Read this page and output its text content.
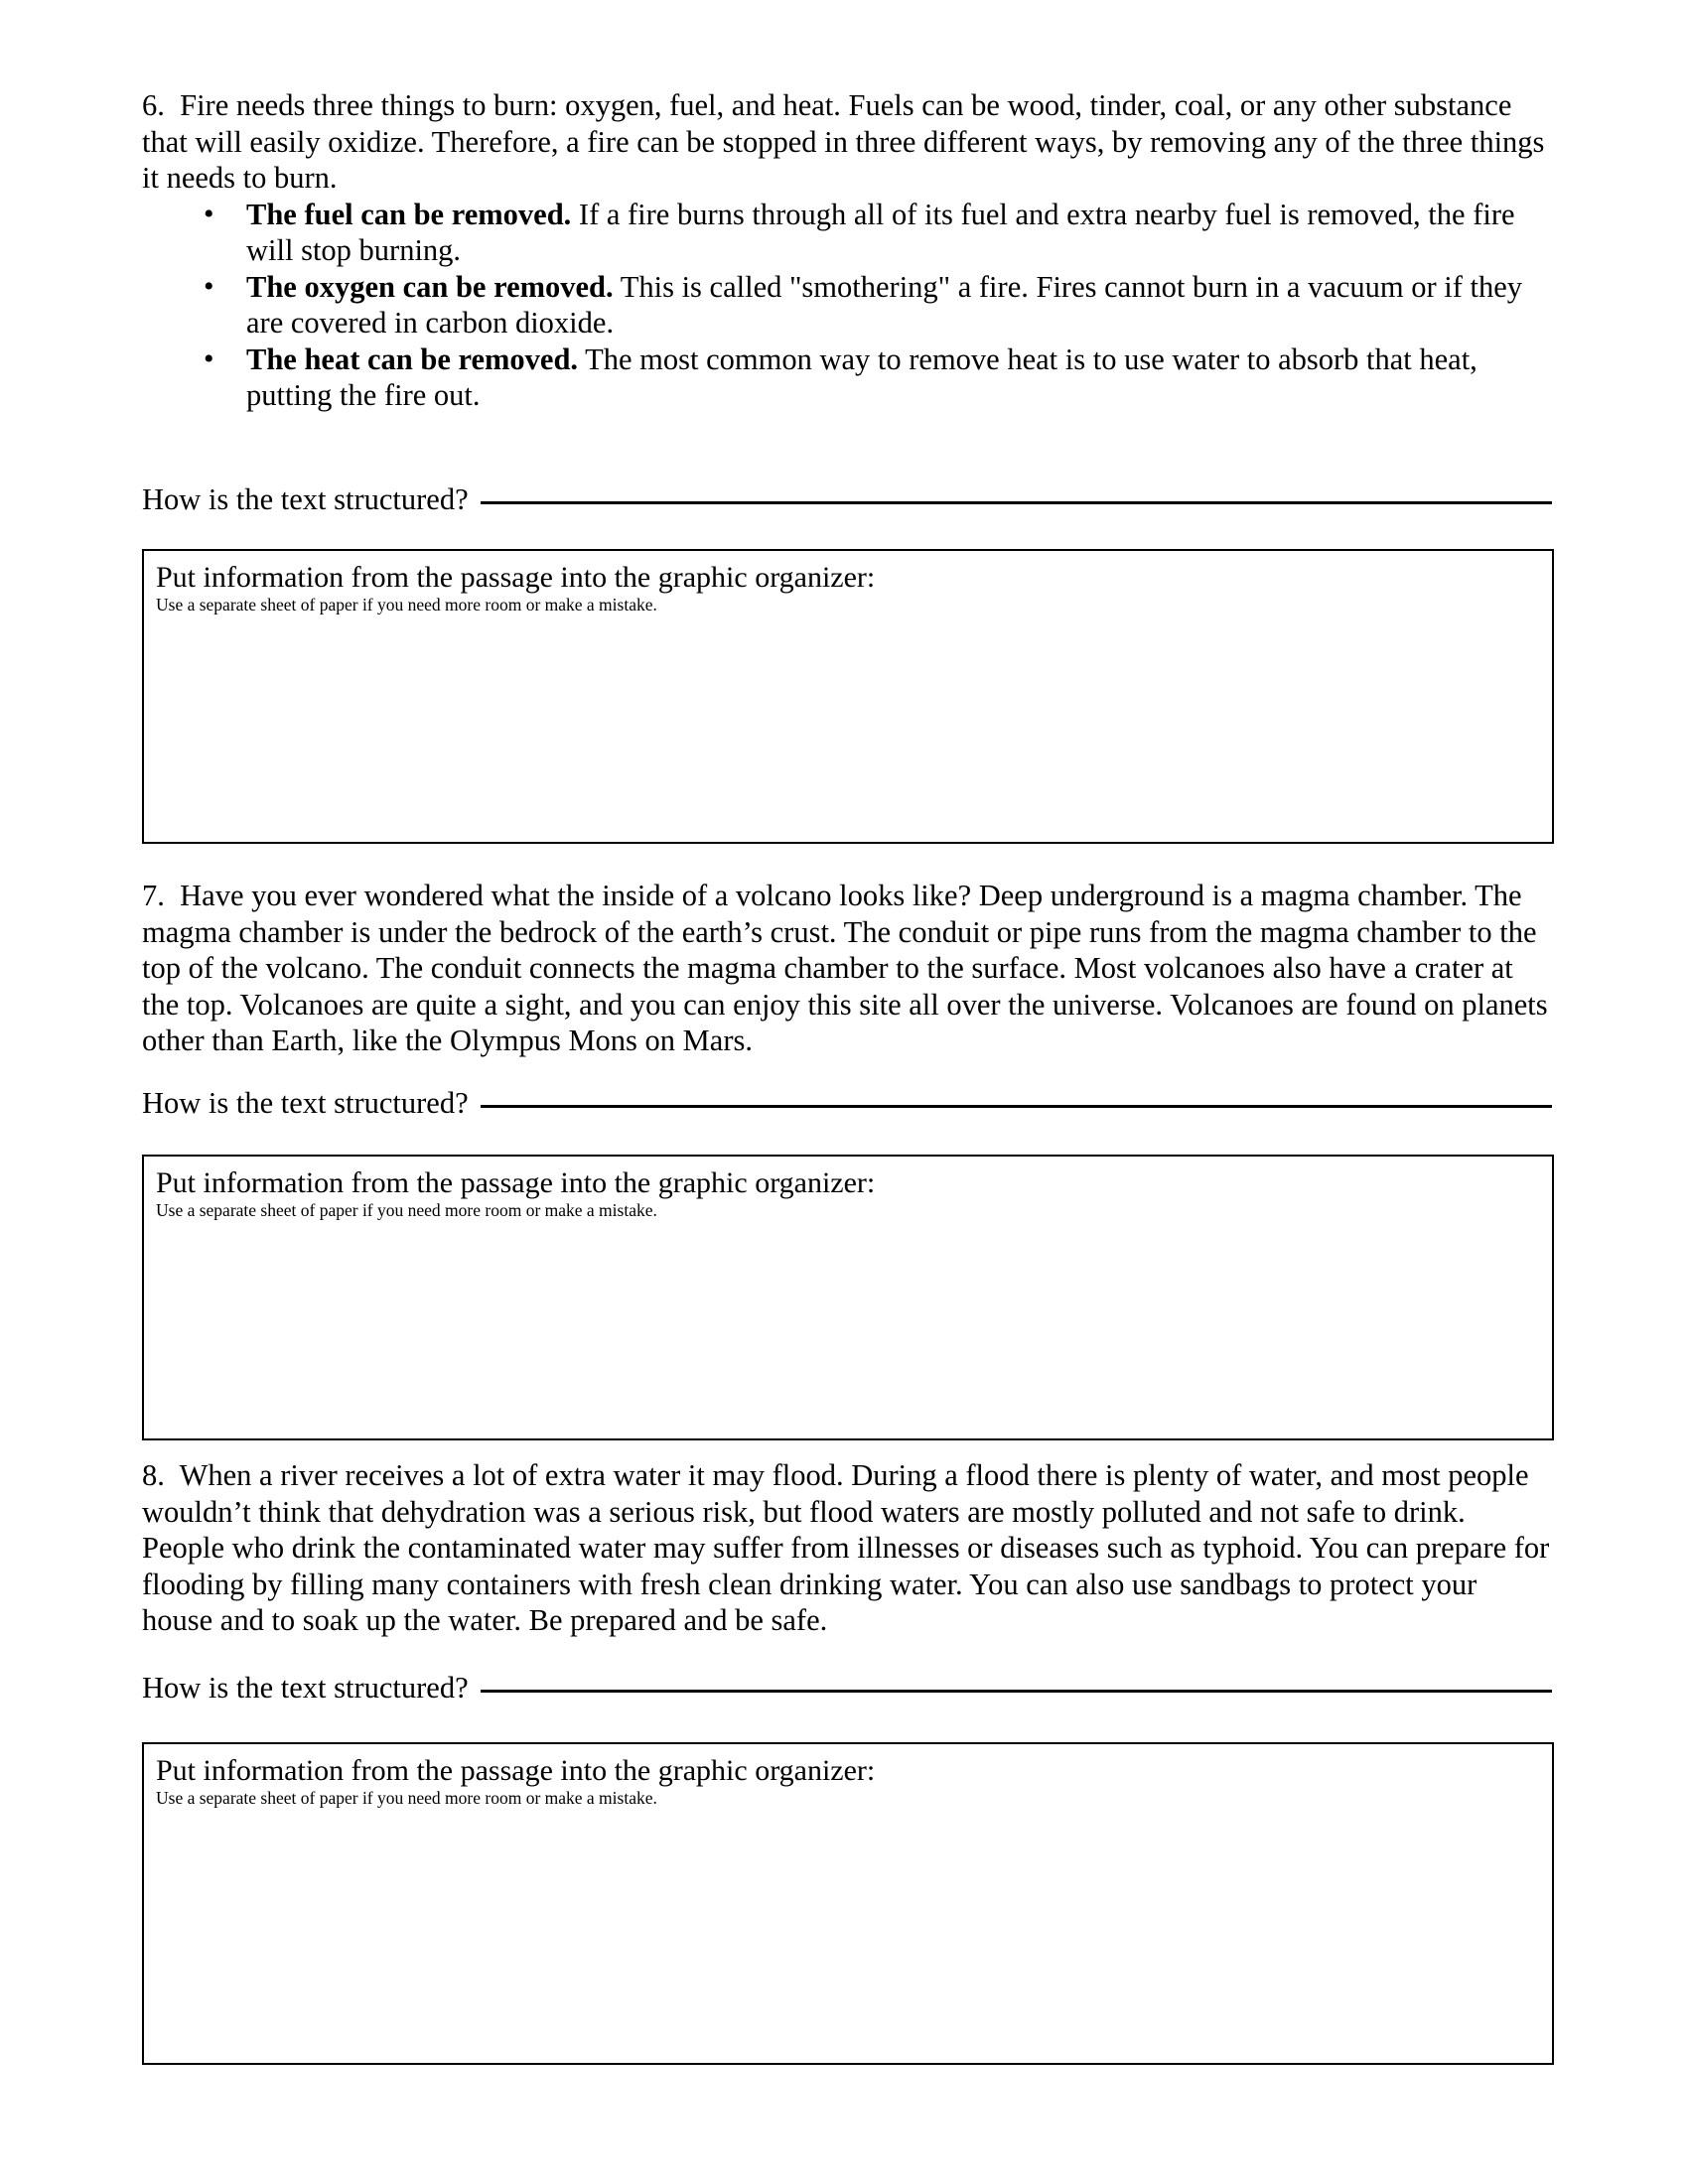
6. Fire needs three things to burn: oxygen, fuel, and heat. Fuels can be wood, tinder, coal, or any other substance that will easily oxidize. Therefore, a fire can be stopped in three different ways, by removing any of the three things it needs to burn.

• The fuel can be removed. If a fire burns through all of its fuel and extra nearby fuel is removed, the fire will stop burning.
• The oxygen can be removed. This is called "smothering" a fire. Fires cannot burn in a vacuum or if they are covered in carbon dioxide.
• The heat can be removed. The most common way to remove heat is to use water to absorb that heat, putting the fire out.
How is the text structured?

Put information from the passage into the graphic organizer:

Use a separate sheet of paper if you need more room or make a mistake.

7. Have you ever wondered what the inside of a volcano looks like? Deep underground is a magma chamber. The magma chamber is under the bedrock of the earth’s crust. The conduit or pipe runs from the magma chamber to the top of the volcano. The conduit connects the magma chamber to the surface. Most volcanoes also have a crater at the top. Volcanoes are quite a sight, and you can enjoy this site all over the universe. Volcanoes are found on planets other than Earth, like the Olympus Mons on Mars.

How is the text structured?

Put information from the passage into the graphic organizer:

Use a separate sheet of paper if you need more room or make a mistake.

8. When a river receives a lot of extra water it may flood. During a flood there is plenty of water, and most people wouldn’t think that dehydration was a serious risk, but flood waters are mostly polluted and not safe to drink. People who drink the contaminated water may suffer from illnesses or diseases such as typhoid. You can prepare for flooding by filling many containers with fresh clean drinking water. You can also use sandbags to protect your house and to soak up the water. Be prepared and be safe.

How is the text structured?

Put information from the passage into the graphic organizer:

Use a separate sheet of paper if you need more room or make a mistake.
